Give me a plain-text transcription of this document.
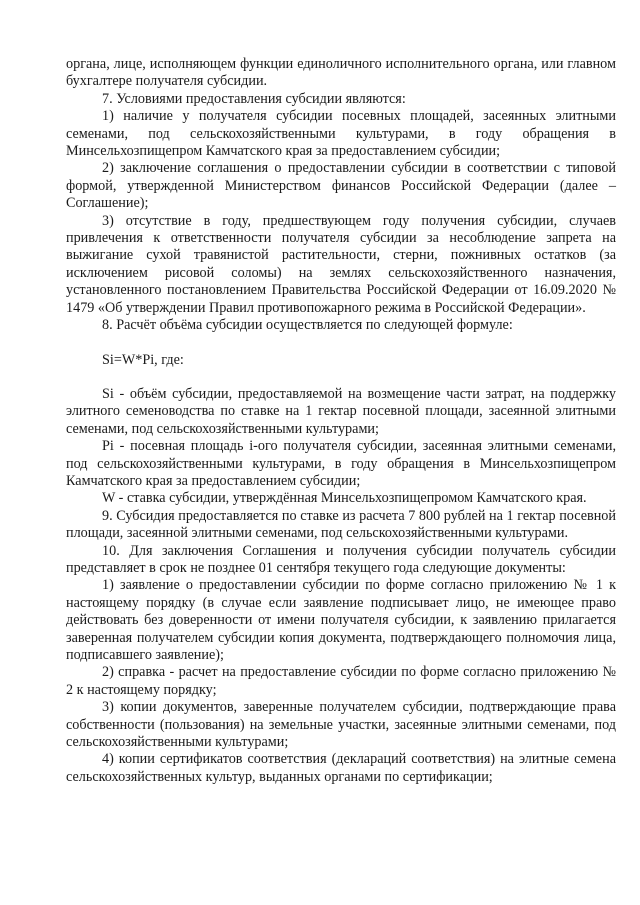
органа, лице, исполняющем функции единоличного исполнительного органа, или главном бухгалтере получателя субсидии.

7. Условиями предоставления субсидии являются:

1) наличие у получателя субсидии посевных площадей, засеянных элитными семенами, под сельскохозяйственными культурами, в году обращения в Минсельхозпищепром Камчатского края за предоставлением субсидии;

2) заключение соглашения о предоставлении субсидии в соответствии с типовой формой, утвержденной Министерством финансов Российской Федерации (далее – Соглашение);

3) отсутствие в году, предшествующем году получения субсидии, случаев привлечения к ответственности получателя субсидии за несоблюдение запрета на выжигание сухой травянистой растительности, стерни, пожнивных остатков (за исключением рисовой соломы) на землях сельскохозяйственного назначения, установленного постановлением Правительства Российской Федерации от 16.09.2020 № 1479 «Об утверждении Правил противопожарного режима в Российской Федерации».

8. Расчёт объёма субсидии осуществляется по следующей формуле:

Si=W*Pi, где:

Si - объём субсидии, предоставляемой на возмещение части затрат, на поддержку элитного семеноводства по ставке на 1 гектар посевной площади, засеянной элитными семенами, под сельскохозяйственными культурами;

Pi - посевная площадь i-ого получателя субсидии, засеянная элитными семенами, под сельскохозяйственными культурами, в году обращения в Минсельхозпищепром Камчатского края за предоставлением субсидии;

W - ставка субсидии, утверждённая Минсельхозпищепромом Камчатского края.

9. Субсидия предоставляется по ставке из расчета 7 800 рублей на 1 гектар посевной площади, засеянной элитными семенами, под сельскохозяйственными культурами.

10. Для заключения Соглашения и получения субсидии получатель субсидии представляет в срок не позднее 01 сентября текущего года следующие документы:

1) заявление о предоставлении субсидии по форме согласно приложению № 1 к настоящему порядку (в случае если заявление подписывает лицо, не имеющее право действовать без доверенности от имени получателя субсидии, к заявлению прилагается заверенная получателем субсидии копия документа, подтверждающего полномочия лица, подписавшего заявление);

2) справка - расчет на предоставление субсидии по форме согласно приложению № 2 к настоящему порядку;

3) копии документов, заверенные получателем субсидии, подтверждающие права собственности (пользования) на земельные участки, засеянные элитными семенами, под сельскохозяйственными культурами;

4) копии сертификатов соответствия (деклараций соответствия) на элитные семена сельскохозяйственных культур, выданных органами по сертификации;
